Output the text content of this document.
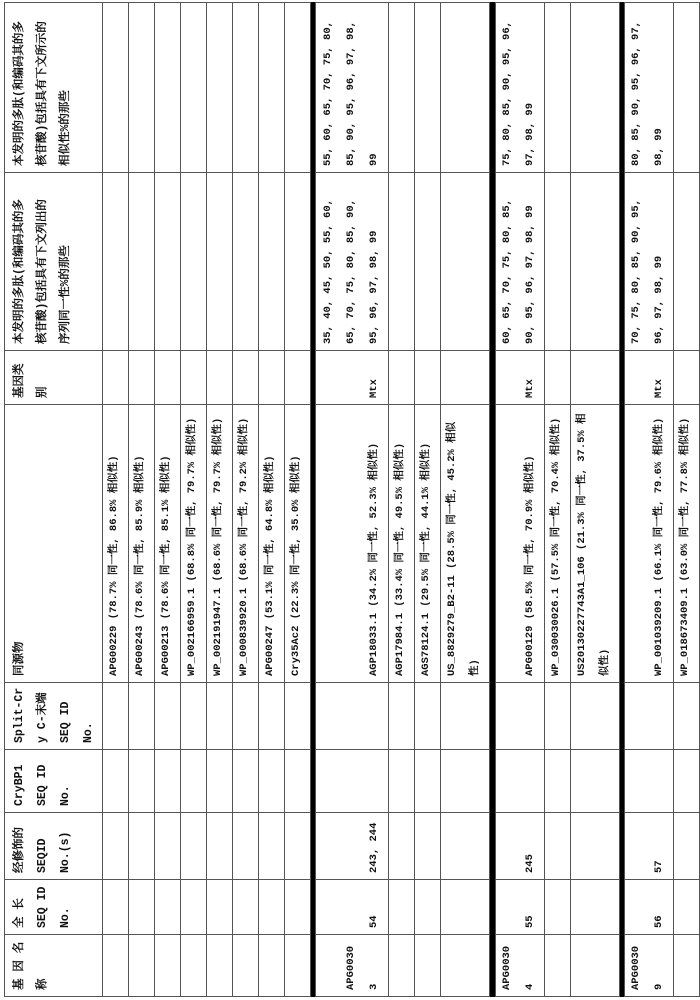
基 因 名
称	全 长
SEQ ID
No.	经修饰的
SEQID
No.(s)	CryBP1
SEQ ID
No.	Split-Cr
y C-末端
SEQ ID
No.	同源物	基因类
别	本发明的多肽(和编码其的多
核苷酸)包括具有下文列出的
序列同一性%的那些	本发明的多肽(和编码其的多
核苷酸)包括具有下文所示的
相似性%的那些
					APG00229 (78.7% 同一性, 86.8% 相似性)								APG00243 (78.6% 同一性, 85.9% 相似性)								APG00213 (78.6% 同一性, 85.1% 相似性)								WP_002166959.1 (68.8% 同一性, 79.7% 相似性)								WP_002191947.1 (68.6% 同一性, 79.7% 相似性)								WP_000839920.1 (68.6% 同一性, 79.2% 相似性)								APG00247 (53.1% 同一性, 64.8% 相似性)								Cry35Ac2 (22.3% 同一性, 35.0% 相似性)			

APG0030
3	54	243, 244			AGP18033.1 (34.2% 同一性, 52.3% 相似性)	Mtx	35, 40, 45, 50, 55, 60,
65, 70, 75, 80, 85, 90,
95, 96, 97, 98, 99	55, 60, 65, 70, 75, 80,
85, 90, 95, 96, 97, 98,
99
					AGP17984.1 (33.4% 同一性, 49.5% 相似性)								AGS78124.1 (29.5% 同一性, 44.1% 相似性)								US_8829279_B2-11 (28.5% 同一性, 45.2% 相似性)			

APG0030
4	55	245			APG00129 (58.5% 同一性, 70.9% 相似性)	Mtx	60, 65, 70, 75, 80, 85,
90, 95, 96, 97, 98, 99	75, 80, 85, 90, 95, 96,
97, 98, 99
					WP_030030026.1 (57.5% 同一性, 70.4% 相似性)								US20130227743A1_106 (21.3% 同一性, 37.5% 相似性)			

APG0030
9	56	57			WP_001039209.1 (66.1% 同一性, 79.6% 相似性)	Mtx	70, 75, 80, 85, 90, 95,
96, 97, 98, 99	80, 85, 90, 95, 96, 97,
98, 99
					WP_018673409.1 (63.0% 同一性, 77.8% 相似性)			
